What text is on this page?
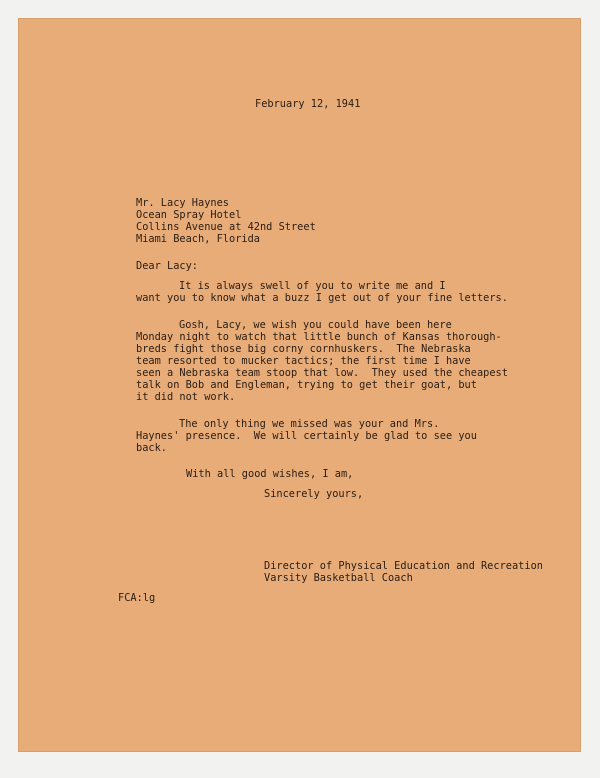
February 12, 1941
Mr. Lacy Haynes
Ocean Spray Hotel
Collins Avenue at 42nd Street
Miami Beach, Florida
Dear Lacy:
It is always swell of you to write me and I
want you to know what a buzz I get out of your fine letters.
Gosh, Lacy, we wish you could have been here
Monday night to watch that little bunch of Kansas thorough-
breds fight those big corny cornhuskers.  The Nebraska
team resorted to mucker tactics; the first time I have
seen a Nebraska team stoop that low.  They used the cheapest
talk on Bob and Engleman, trying to get their goat, but
it did not work.
The only thing we missed was your and Mrs.
Haynes' presence.  We will certainly be glad to see you
back.
With all good wishes, I am,
Sincerely yours,
Director of Physical Education and Recreation
Varsity Basketball Coach
FCA:lg
